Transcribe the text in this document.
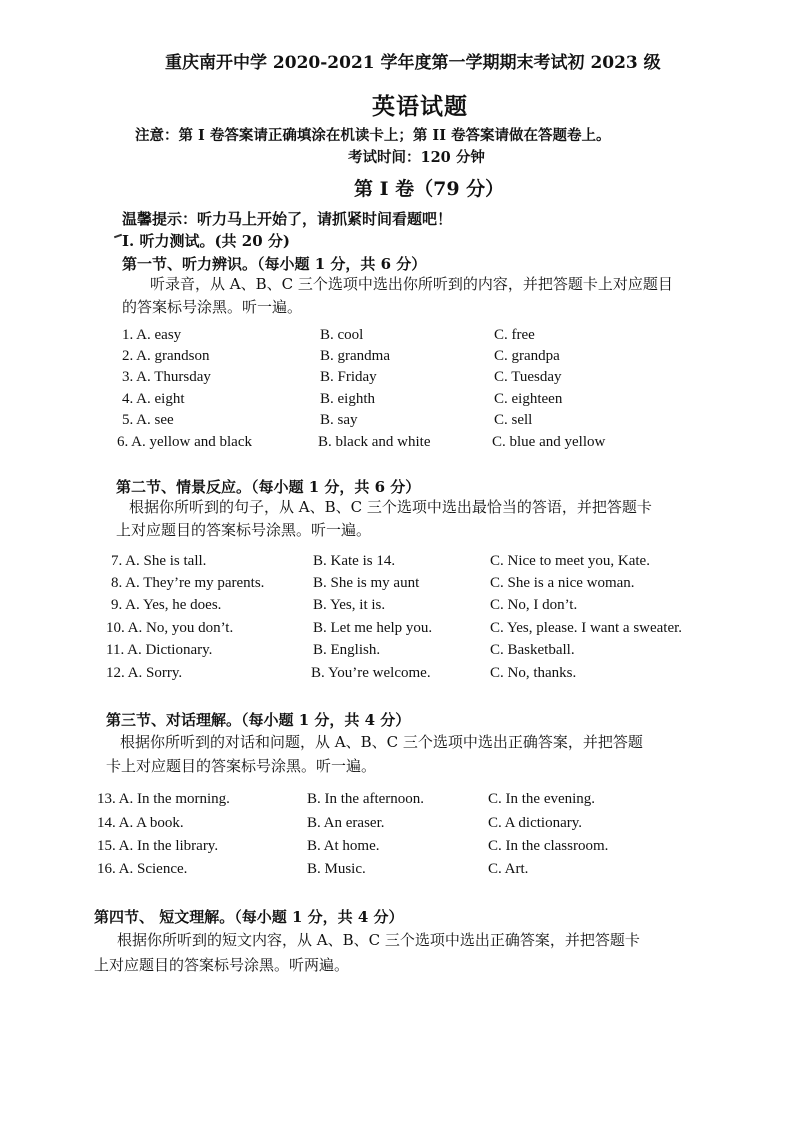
重庆南开中学 2020-2021 学年度第一学期期末考试初 2023 级
英语试题
注意：第 I 卷答案请正确填涂在机读卡上；第 II 卷答案请做在答题卷上。
考试时间：120 分钟
第 I 卷（79 分）
温馨提示：听力马上开始了，请抓紧时间看题吧！
I. 听力测试。(共 20 分)
第一节、听力辨识。（每小题 1 分，共 6 分）
听录音，从 A、B、C 三个选项中选出你所听到的内容，并把答题卡上对应题目
的答案标号涂黑。听一遍。
1. A. easy	B. cool	C. free
2. A. grandson	B. grandma	C. grandpa
3. A. Thursday	B. Friday	C. Tuesday
4. A. eight	B. eighth	C. eighteen
5. A. see	B. say	C. sell
6. A. yellow and black	B. black and white	C. blue and yellow
第二节、情景反应。（每小题 1 分，共 6 分）
根据你所听到的句子，从 A、B、C 三个选项中选出最恰当的答语，并把答题卡
上对应题目的答案标号涂黑。听一遍。
7. A. She is tall.	B. Kate is 14.	C. Nice to meet you, Kate.
8. A. They’re my parents.	B. She is my aunt	C. She is a nice woman.
9. A. Yes, he does.	B. Yes, it is.	C. No, I don’t.
10. A. No, you don’t.	B. Let me help you.	C. Yes, please. I want a sweater.
11. A. Dictionary.	B. English.	C. Basketball.
12. A. Sorry.	B. You’re welcome.	C. No, thanks.
第三节、对话理解。（每小题 1 分，共 4 分）
根据你所听到的对话和问题，从 A、B、C 三个选项中选出正确答案，并把答题
卡上对应题目的答案标号涂黑。听一遍。
13. A. In the morning.	B. In the afternoon.	C. In the evening.
14. A. A book.	B. An eraser.	C. A dictionary.
15. A. In the library.	B. At home.	C. In the classroom.
16. A. Science.	B. Music.	C. Art.
第四节、 短文理解。（每小题 1 分，共 4 分）
根据你所听到的短文内容，从 A、B、C 三个选项中选出正确答案，并把答题卡
上对应题目的答案标号涂黑。听两遍。
